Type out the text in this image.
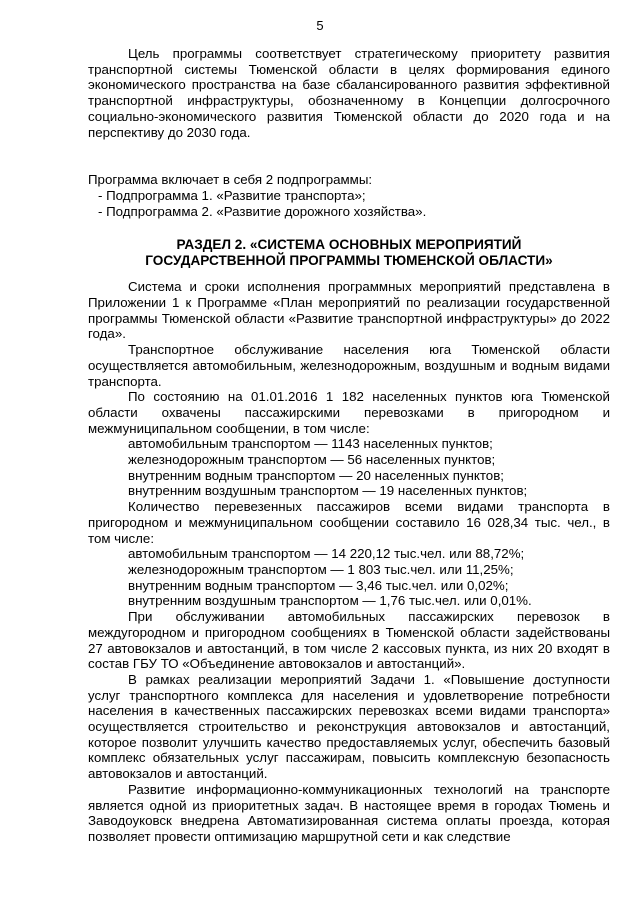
5

Цель программы соответствует стратегическому приоритету развития транспортной системы Тюменской области в целях формирования единого экономического пространства на базе сбалансированного развития эффективной транспортной инфраструктуры, обозначенному в Концепции долгосрочного социально-экономического развития Тюменской области до 2020 года и на перспективу до 2030 года.

Программа включает в себя 2 подпрограммы:

- Подпрограмма 1. «Развитие транспорта»;

- Подпрограмма 2. «Развитие дорожного хозяйства».

РАЗДЕЛ 2. «СИСТЕМА ОСНОВНЫХ МЕРОПРИЯТИЙ

ГОСУДАРСТВЕННОЙ ПРОГРАММЫ ТЮМЕНСКОЙ ОБЛАСТИ»

Система и сроки исполнения программных мероприятий представлена в Приложении 1 к Программе «План мероприятий по реализации государственной программы Тюменской области «Развитие транспортной инфраструктуры» до 2022 года».

Транспортное обслуживание населения юга Тюменской области осуществляется автомобильным, железнодорожным, воздушным и водным видами транспорта.

По состоянию на 01.01.2016 1 182 населенных пунктов юга Тюменской области охвачены пассажирскими перевозками в пригородном и межмуниципальном сообщении, в том числе:

автомобильным транспортом — 1143 населенных пунктов;

железнодорожным транспортом — 56 населенных пунктов;

внутренним водным транспортом — 20 населенных пунктов;

внутренним воздушным транспортом — 19 населенных пунктов;

Количество перевезенных пассажиров всеми видами транспорта в пригородном и межмуниципальном сообщении составило 16 028,34 тыс. чел., в том числе:

автомобильным транспортом — 14 220,12 тыс.чел. или 88,72%;

железнодорожным транспортом — 1 803 тыс.чел. или 11,25%;

внутренним водным транспортом — 3,46 тыс.чел. или 0,02%;

внутренним воздушным транспортом — 1,76 тыс.чел. или 0,01%.

При обслуживании автомобильных пассажирских перевозок в междугородном и пригородном сообщениях в Тюменской области задействованы 27 автовокзалов и автостанций, в том числе 2 кассовых пункта, из них 20 входят в состав ГБУ ТО «Объединение автовокзалов и автостанций».

В рамках реализации мероприятий Задачи 1. «Повышение доступности услуг транспортного комплекса для населения и удовлетворение потребности населения в качественных пассажирских перевозках всеми видами транспорта» осуществляется строительство и реконструкция автовокзалов и автостанций, которое позволит улучшить качество предоставляемых услуг, обеспечить базовый комплекс обязательных услуг пассажирам, повысить комплексную безопасность автовокзалов и автостанций.

Развитие информационно-коммуникационных технологий на транспорте является одной из приоритетных задач. В настоящее время в городах Тюмень и Заводоуковск внедрена Автоматизированная система оплаты проезда, которая позволяет провести оптимизацию маршрутной сети и как следствие
